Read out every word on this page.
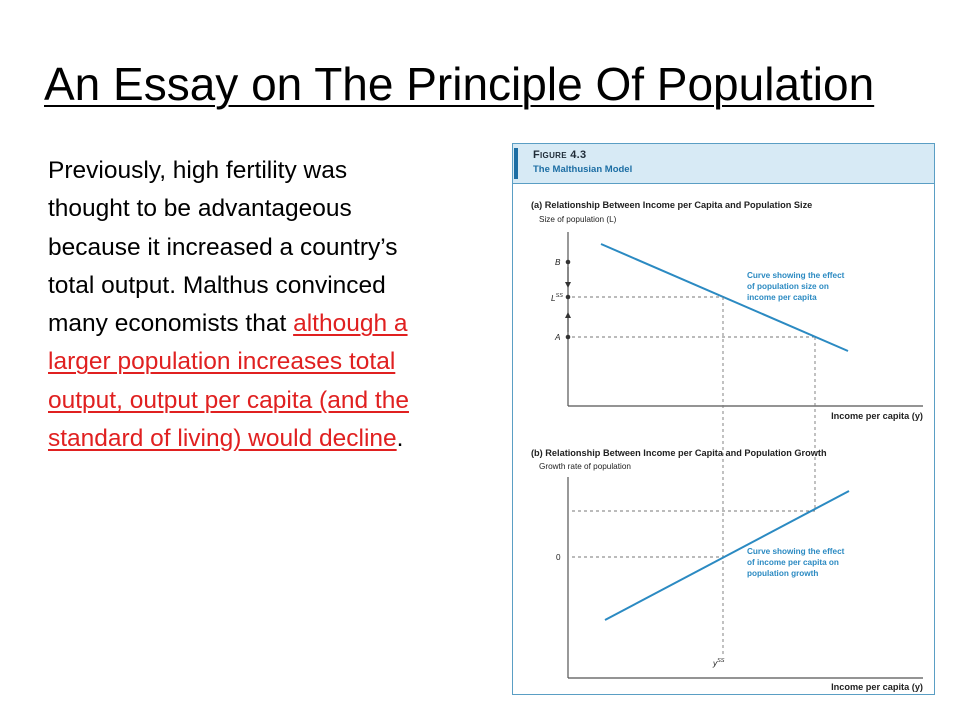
An Essay on The Principle Of Population

Previously, high fertility was thought to be advantageous because it increased a country’s total output. Malthus convinced many economists that although a larger population increases total output, output per capita (and the standard of living) would decline.

Figure 4.3
The Malthusian Model
(a) Relationship Between Income per Capita and Population Size
Size of population (L)
Income per capita (y)
B
$L^{SS}$
A
Curve showing the effect
of population size on
income per capita
(b) Relationship Between Income per Capita and Population Growth
Growth rate of population
Income per capita (y)
0
Curve showing the effect
of income per capita on
population growth
$y^{SS}$
